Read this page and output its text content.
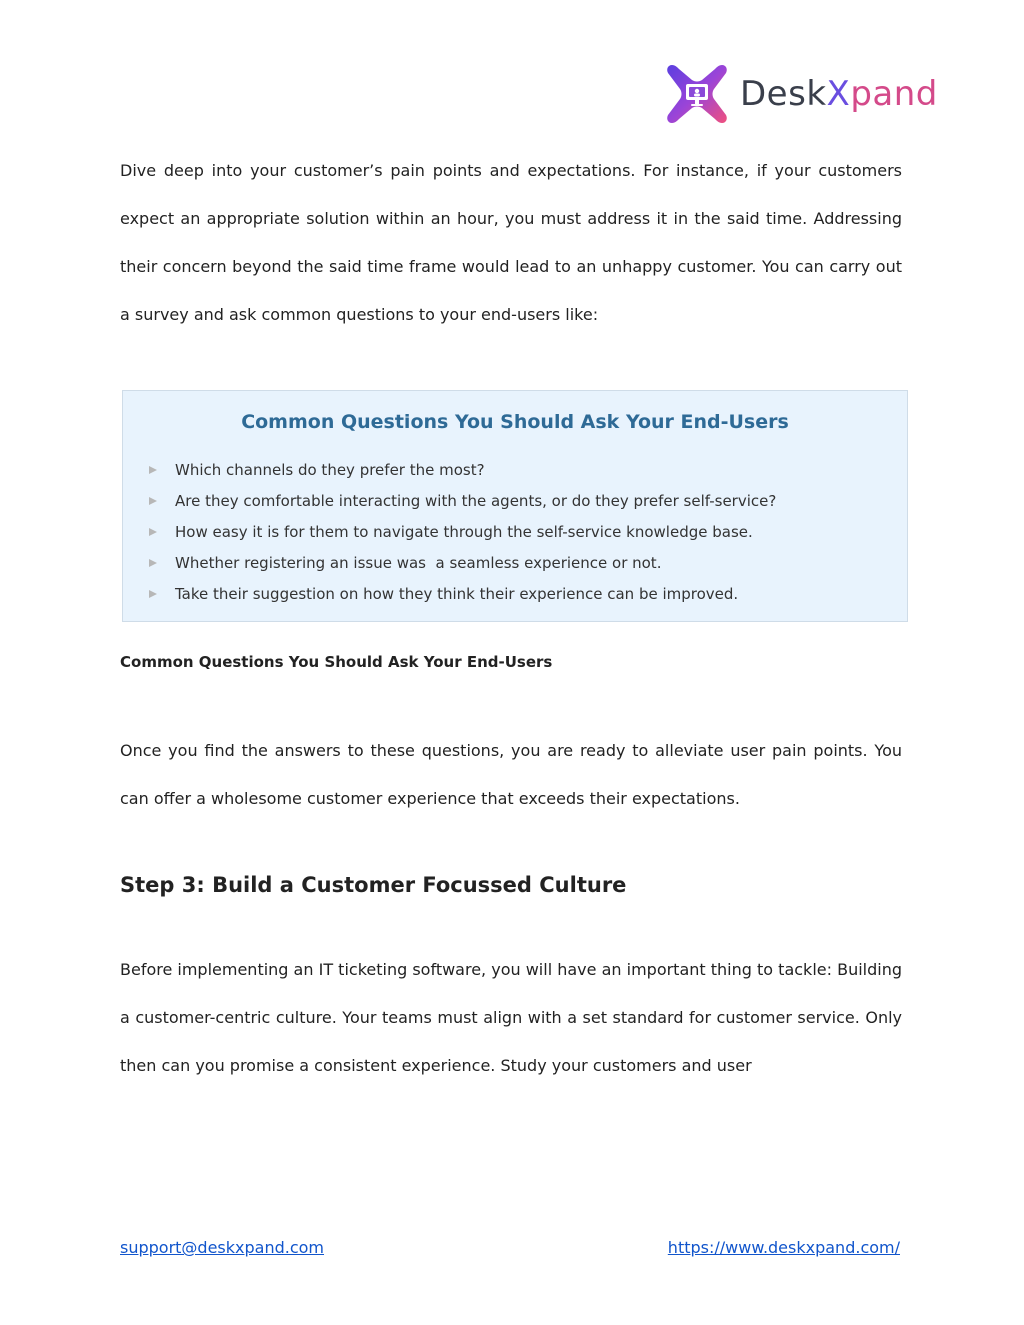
DeskXpand

Dive deep into your customer’s pain points and expectations. For instance, if your customers expect an appropriate solution within an hour, you must address it in the said time. Addressing their concern beyond the said time frame would lead to an unhappy customer. You can carry out a survey and ask common questions to your end-users like:

Common Questions You Should Ask Your End-Users
Which channels do they prefer the most?
Are they comfortable interacting with the agents, or do they prefer self-service?
How easy it is for them to navigate through the self-service knowledge base.
Whether registering an issue was  a seamless experience or not.
Take their suggestion on how they think their experience can be improved.

Common Questions You Should Ask Your End-Users

Once you find the answers to these questions, you are ready to alleviate user pain points. You can offer a wholesome customer experience that exceeds their expectations.

Step 3: Build a Customer Focussed Culture

Before implementing an IT ticketing software, you will have an important thing to tackle: Building a customer-centric culture. Your teams must align with a set standard for customer service. Only then can you promise a consistent experience. Study your customers and user

support@deskxpand.com	https://www.deskxpand.com/
